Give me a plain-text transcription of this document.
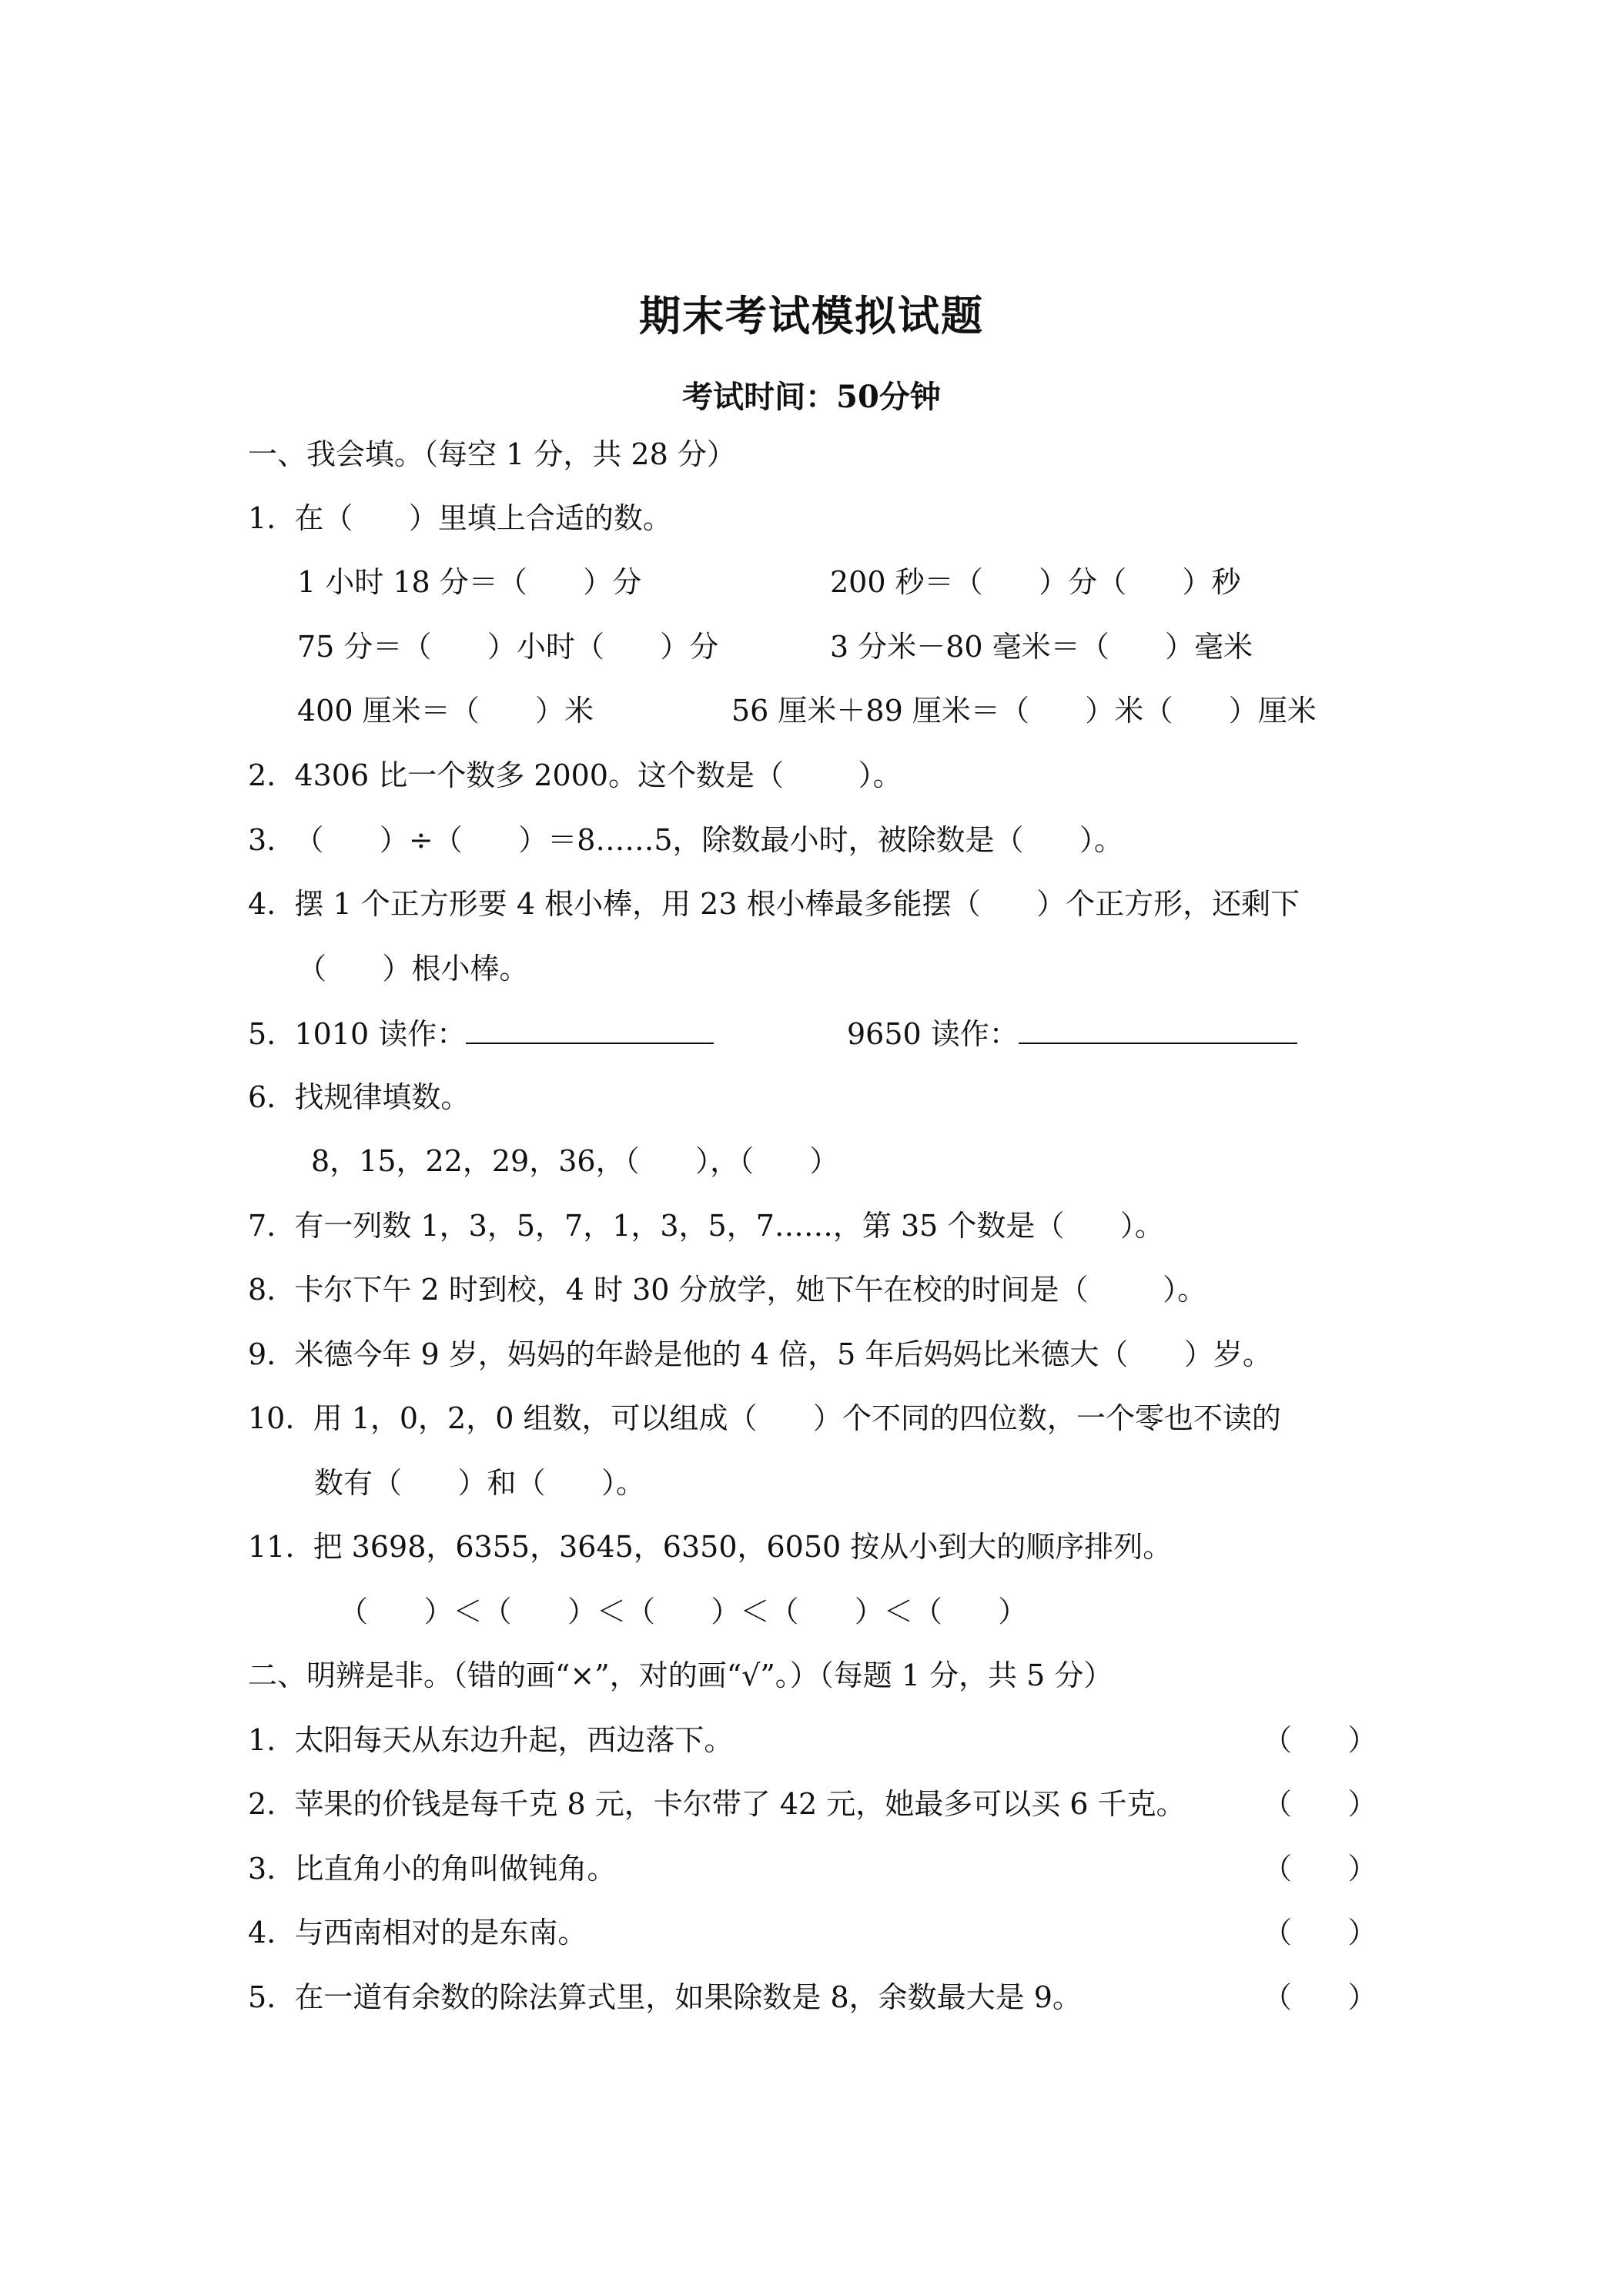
期末考试模拟试题
考试时间：50分钟

一、我会填。（每空 1 分，共 28 分）

1.  在（      ）里填上合适的数。

1 小时 18 分＝（      ）分	200 秒＝（      ）分（      ）秒

75 分＝（      ）小时（      ）分	3 分米－80 毫米＝（      ）毫米

400 厘米＝（      ）米	56 厘米＋89 厘米＝（      ）米（      ）厘米

2.  4306 比一个数多 2000。这个数是（        ）。

3.  （      ）÷（      ）＝8……5，除数最小时，被除数是（      ）。

4.  摆 1 个正方形要 4 根小棒，用 23 根小棒最多能摆（      ）个正方形，还剩下

（      ）根小棒。

5.  1010 读作：	9650 读作：

6.  找规律填数。

8，15，22，29，36，（      ），（      ）

7.  有一列数 1，3，5，7，1，3，5，7……，第 35 个数是（      ）。

8.  卡尔下午 2 时到校，4 时 30 分放学，她下午在校的时间是（        ）。

9.  米德今年 9 岁，妈妈的年龄是他的 4 倍，5 年后妈妈比米德大（      ）岁。

10.  用 1，0，2，0 组数，可以组成（      ）个不同的四位数，一个零也不读的

数有（      ）和（      ）。

11.  把 3698，6355，3645，6350，6050 按从小到大的顺序排列。

（      ）＜（      ）＜（      ）＜（      ）＜（      ）

二、明辨是非。（错的画“×”，对的画“√”。）（每题 1 分，共 5 分）

1.  太阳每天从东边升起，西边落下。	（      ）

2.  苹果的价钱是每千克 8 元，卡尔带了 42 元，她最多可以买 6 千克。	（      ）

3.  比直角小的角叫做钝角。	（      ）

4.  与西南相对的是东南。	（      ）

5.  在一道有余数的除法算式里，如果除数是 8，余数最大是 9。	（      ）
